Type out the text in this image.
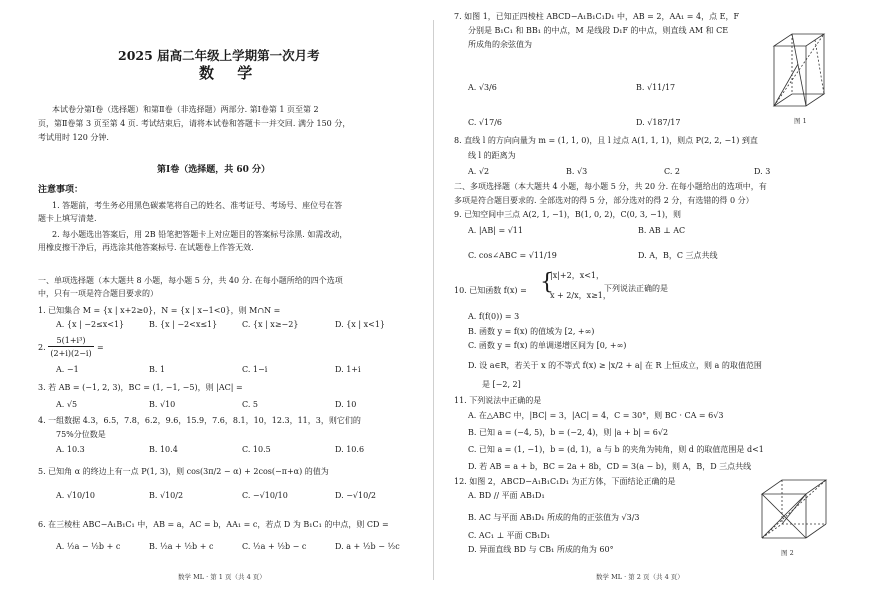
2025 届高二年级上学期第一次月考
数 学
本试卷分第Ⅰ卷（选择题）和第Ⅱ卷（非选择题）两部分. 第Ⅰ卷第 1 页至第 2
页，第Ⅱ卷第 3 页至第 4 页. 考试结束后，请将本试卷和答题卡一并交回. 满分 150 分，
考试用时 120 分钟.
第Ⅰ卷（选择题，共 60 分）
注意事项：
1. 答题前，考生务必用黑色碳素笔将自己的姓名、准考证号、考场号、座位号在答
题卡上填写清楚.
2. 每小题选出答案后，用 2B 铅笔把答题卡上对应题目的答案标号涂黑. 如需改动，
用橡皮擦干净后，再选涂其他答案标号. 在试题卷上作答无效.
一、单项选择题（本大题共 8 小题，每小题 5 分，共 40 分. 在每小题所给的四个选项
中，只有一项是符合题目要求的）
1. 已知集合 M = {x | x+2≥0}，N = {x | x−1<0}，则 M∩N =
A. {x | −2≤x<1}	B. {x | −2<x≤1}	C. {x | x≥−2}	D. {x | x<1}
2.
5(1+i³)
(2+i)(2−i)
=
A. −1	B. 1	C. 1−i	D. 1+i
3. 若 AB = (−1, 2, 3)，BC = (1, −1, −5)，则 |AC| =
A. √5	B. √10	C. 5	D. 10
4. 一组数据 4.3，6.5，7.8，6.2，9.6，15.9，7.6，8.1，10，12.3，11，3，则它们的
75%分位数是
A. 10.3	B. 10.4	C. 10.5	D. 10.6
5. 已知角 α 的终边上有一点 P(1, 3)，则 cos(3π/2 − α) + 2cos(−π+α) 的值为
A. √10/10	B. √10/2	C. −√10/10	D. −√10/2
6. 在三棱柱 ABC−A₁B₁C₁ 中，AB = a，AC = b，AA₁ = c，若点 D 为 B₁C₁ 的中点，则 CD =
A. ½a − ½b + c	B. ½a + ½b + c	C. ½a + ½b − c	D. a + ½b − ½c
数学 ML · 第 1 页（共 4 页）
7. 如图 1，已知正四棱柱 ABCD−A₁B₁C₁D₁ 中，AB = 2，AA₁ = 4，点 E，F
分别是 B₁C₁ 和 BB₁ 的中点，M 是线段 D₁F 的中点，则直线 AM 和 CE
所成角的余弦值为
A. √3/6	B. √11/17
C. √17/6	D. √187/17	图 1
8. 直线 l 的方向向量为 m = (1, 1, 0)，且 l 过点 A(1, 1, 1)，则点 P(2, 2, −1) 到直
线 l 的距离为
A. √2	B. √3	C. 2	D. 3
二、多项选择题（本大题共 4 小题，每小题 5 分，共 20 分. 在每小题给出的选项中，有
多项是符合题目要求的. 全部选对的得 5 分，部分选对的得 2 分，有选错的得 0 分）
9. 已知空间中三点 A(2, 1, −1)，B(1, 0, 2)，C(0, 3, −1)，则
A. |AB| = √11	B. AB ⊥ AC
C. cos∠ABC = √11/19	D. A，B，C 三点共线
10. 已知函数 f(x) = {
|x|+2，x<1，
x + 2/x，x≥1，
下列说法正确的是
A. f(f(0)) = 3
B. 函数 y = f(x) 的值域为 [2, +∞)
C. 函数 y = f(x) 的单调递增区间为 [0, +∞)
D. 设 a∈R，若关于 x 的不等式 f(x) ≥ |x/2 + a| 在 R 上恒成立，则 a 的取值范围
是 [−2, 2]
11. 下列说法中正确的是
A. 在△ABC 中，|BC| = 3，|AC| = 4，C = 30°，则 BC · CA = 6√3
B. 已知 a = (−4, 5)，b = (−2, 4)，则 |a + b| = 6√2
C. 已知 a = (1, −1)，b = (d, 1)，a 与 b 的夹角为钝角，则 d 的取值范围是 d<1
D. 若 AB = a + b，BC = 2a + 8b，CD = 3(a − b)，则 A，B，D 三点共线
12. 如图 2，ABCD−A₁B₁C₁D₁ 为正方体，下面结论正确的是
A. BD // 平面 AB₁D₁
B. AC 与平面 AB₁D₁ 所成的角的正弦值为 √3/3
C. AC₁ ⊥ 平面 CB₁D₁
D. 异面直线 BD 与 CB₁ 所成的角为 60°	图 2
数学 ML · 第 2 页（共 4 页）
